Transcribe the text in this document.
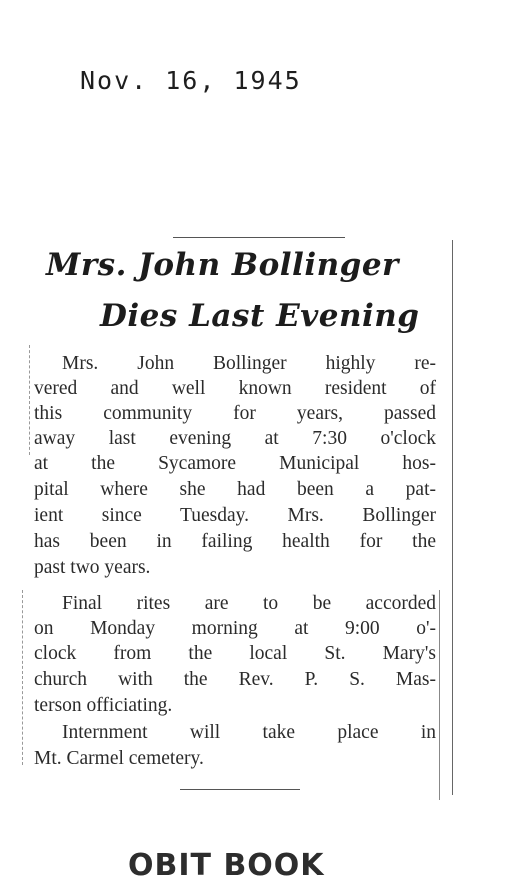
Nov. 16, 1945
Mrs. John Bollinger
Dies Last Evening
Mrs. John Bollinger highly re-
vered and well known resident of
this community for years, passed
away last evening at 7:30 o'clock
at the Sycamore Municipal hos-
pital where she had been a pat-
ient since Tuesday. Mrs. Bollinger
has been in failing health for the
past two years.
Final rites are to be accorded
on Monday morning at 9:00 o'-
clock from the local St. Mary's
church with the Rev. P. S. Mas-
terson officiating.
Internment will take place in
Mt. Carmel cemetery.
OBIT BOOK
